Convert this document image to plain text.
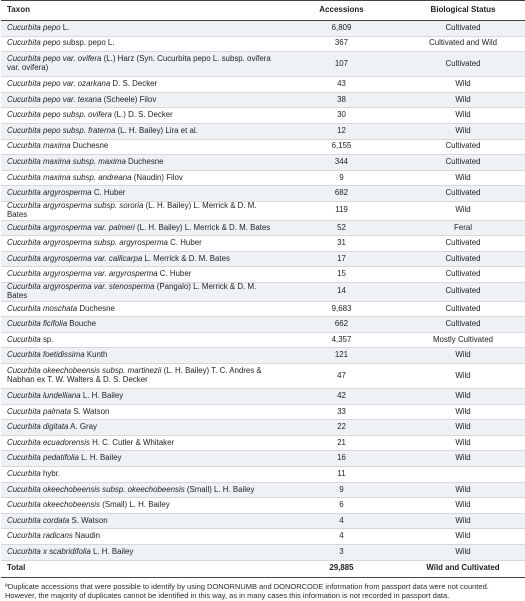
Taxon	Accessions	Biological Status
Cucurbita pepo L.	6,809	Cultivated
Cucurbita pepo subsp. pepo L.	367	Cultivated and Wild
Cucurbita pepo var. ovifera (L.) Harz (Syn. Cucurbita pepo L. subsp. ovifera var. ovifera)	107	Cultivated
Cucurbita pepo var. ozarkana D. S. Decker	43	Wild
Cucurbita pepo var. texana (Scheele) Filov	38	Wild
Cucurbita pepo subsp. ovifera (L.) D. S. Decker	30	Wild
Cucurbita pepo subsp. fraterna (L. H. Bailey) Lira et al.	12	Wild
Cucurbita maxima Duchesne	6,155	Cultivated
Cucurbita maxima subsp. maxima Duchesne	344	Cultivated
Cucurbita maxima subsp. andreana (Naudin) Filov	9	Wild
Cucurbita argyrosperma C. Huber	682	Cultivated
Cucurbita argyrosperma subsp. sororia (L. H. Bailey) L. Merrick & D. M. Bates	119	Wild
Cucurbita argyrosperma var. palmeri (L. H. Bailey) L. Merrick & D. M. Bates	52	Feral
Cucurbita argyrosperma subsp. argyrosperma C. Huber	31	Cultivated
Cucurbita argyrosperma var. callicarpa L. Merrick & D. M. Bates	17	Cultivated
Cucurbita argyrosperma var. argyrosperma C. Huber	15	Cultivated
Cucurbita argyrosperma var. stenosperma (Pangalo) L. Merrick & D. M. Bates	14	Cultivated
Cucurbita moschata Duchesne	9,683	Cultivated
Cucurbita ficifolia Bouche	662	Cultivated
Cucurbita sp.	4,357	Mostly Cultivated
Cucurbita foetidissima Kunth	121	Wild
Cucurbita okeechobeensis subsp. martinezii (L. H. Bailey) T. C. Andres & Nabhan ex T. W. Walters & D. S. Decker	47	Wild
Cucurbita lundelliana L. H. Bailey	42	Wild
Cucurbita palmata S. Watson	33	Wild
Cucurbita digitata A. Gray	22	Wild
Cucurbita ecuadorensis H. C. Cutler & Whitaker	21	Wild
Cucurbita pedatifolia L. H. Bailey	16	Wild
Cucurbita hybr.	11	
Cucurbita okeechobeensis subsp. okeechobeensis (Small) L. H. Bailey	9	Wild
Cucurbita okeechobeensis (Small) L. H. Bailey	6	Wild
Cucurbita cordata S. Watson	4	Wild
Cucurbita radicans Naudin	4	Wild
Cucurbita x scabridifolia L. H. Bailey	3	Wild
Total	29,885	Wild and Cultivated
ªDuplicate accessions that were possible to identify by using DONORNUMB and DONORCODE information from passport data were not counted. However, the majority of duplicates cannot be identified in this way, as in many cases this information is not recorded in passport data.
